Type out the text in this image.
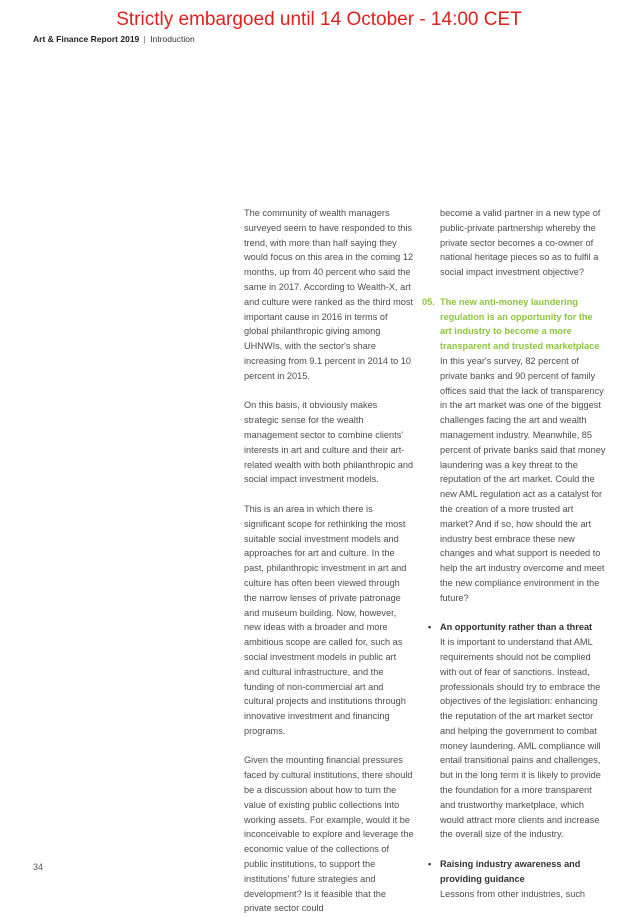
Strictly embargoed until 14 October - 14:00 CET
Art & Finance Report 2019 | Introduction

The community of wealth managers surveyed seem to have responded to this trend, with more than half saying they would focus on this area in the coming 12 months, up from 40 percent who said the same in 2017. According to Wealth-X, art and culture were ranked as the third most important cause in 2016 in terms of global philanthropic giving among UHNWIs, with the sector's share increasing from 9.1 percent in 2014 to 10 percent in 2015.

On this basis, it obviously makes strategic sense for the wealth management sector to combine clients' interests in art and culture and their art-related wealth with both philanthropic and social impact investment models.

This is an area in which there is significant scope for rethinking the most suitable social investment models and approaches for art and culture. In the past, philanthropic investment in art and culture has often been viewed through the narrow lenses of private patronage and museum building. Now, however, new ideas with a broader and more ambitious scope are called for, such as social investment models in public art and cultural infrastructure, and the funding of non-commercial art and cultural projects and institutions through innovative investment and financing programs.

Given the mounting financial pressures faced by cultural institutions, there should be a discussion about how to turn the value of existing public collections into working assets. For example, would it be inconceivable to explore and leverage the economic value of the collections of public institutions, to support the institutions' future strategies and development? Is it feasible that the private sector could

become a valid partner in a new type of public-private partnership whereby the private sector becomes a co-owner of national heritage pieces so as to fulfil a social impact investment objective?

05. The new anti-money laundering regulation is an opportunity for the art industry to become a more transparent and trusted marketplace

In this year's survey, 82 percent of private banks and 90 percent of family offices said that the lack of transparency in the art market was one of the biggest challenges facing the art and wealth management industry. Meanwhile, 85 percent of private banks said that money laundering was a key threat to the reputation of the art market. Could the new AML regulation act as a catalyst for the creation of a more trusted art market? And if so, how should the art industry best embrace these new changes and what support is needed to help the art industry overcome and meet the new compliance environment in the future?

• An opportunity rather than a threat

It is important to understand that AML requirements should not be complied with out of fear of sanctions. Instead, professionals should try to embrace the objectives of the legislation: enhancing the reputation of the art market sector and helping the government to combat money laundering. AML compliance will entail transitional pains and challenges, but in the long term it is likely to provide the foundation for a more transparent and trustworthy marketplace, which would attract more clients and increase the overall size of the industry.

• Raising industry awareness and providing guidance

Lessons from other industries, such

34
